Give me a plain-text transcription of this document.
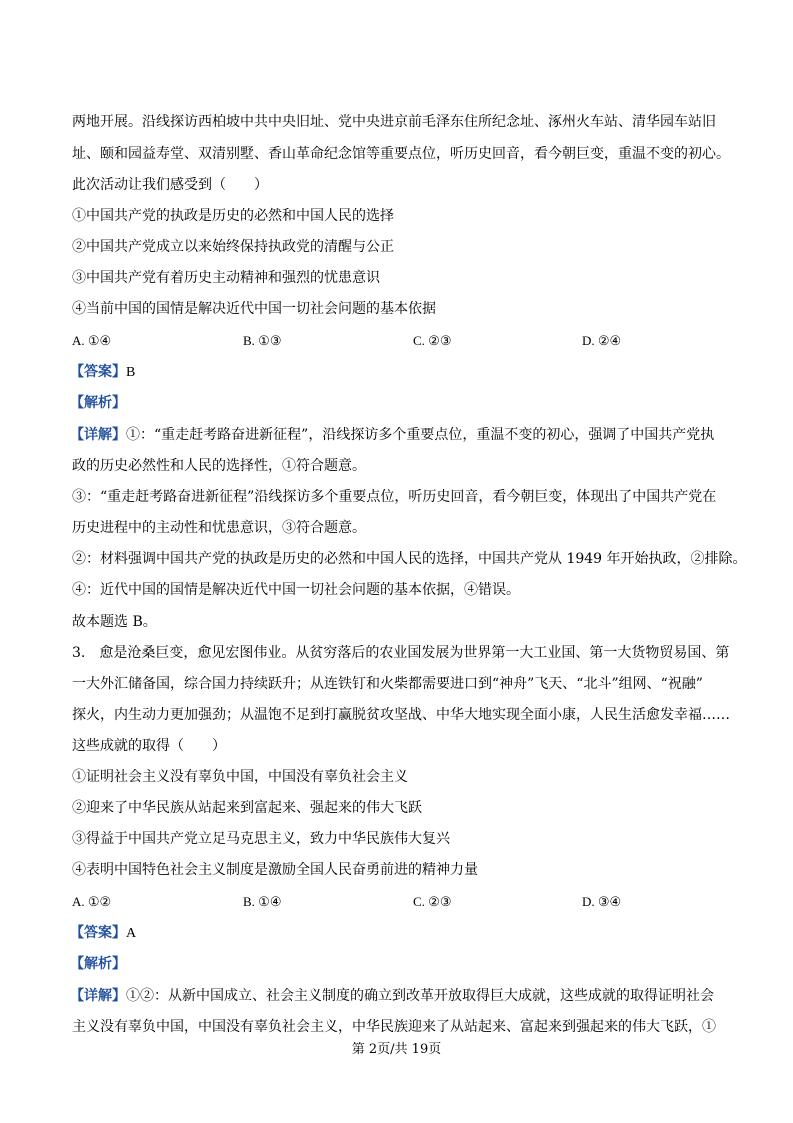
两地开展。沿线探访西柏坡中共中央旧址、党中央进京前毛泽东住所纪念址、涿州火车站、清华园车站旧
址、颐和园益寿堂、双清别墅、香山革命纪念馆等重要点位，听历史回音，看今朝巨变，重温不变的初心。
此次活动让我们感受到（　　）
①中国共产党的执政是历史的必然和中国人民的选择
②中国共产党成立以来始终保持执政党的清醒与公正
③中国共产党有着历史主动精神和强烈的忧患意识
④当前中国的国情是解决近代中国一切社会问题的基本依据
A. ①④	B. ①③	C. ②③	D. ②④
【答案】B
【解析】
【详解】①：“重走赶考路奋进新征程”，沿线探访多个重要点位，重温不变的初心，强调了中国共产党执
政的历史必然性和人民的选择性，①符合题意。
③：“重走赶考路奋进新征程”沿线探访多个重要点位，听历史回音，看今朝巨变，体现出了中国共产党在
历史进程中的主动性和忧患意识，③符合题意。
②：材料强调中国共产党的执政是历史的必然和中国人民的选择，中国共产党从 1949 年开始执政，②排除。
④：近代中国的国情是解决近代中国一切社会问题的基本依据，④错误。
故本题选 B。
3.　愈是沧桑巨变，愈见宏图伟业。从贫穷落后的农业国发展为世界第一大工业国、第一大货物贸易国、第
一大外汇储备国，综合国力持续跃升；从连铁钉和火柴都需要进口到“神舟”飞天、“北斗”组网、“祝融”
探火，内生动力更加强劲；从温饱不足到打赢脱贫攻坚战、中华大地实现全面小康，人民生活愈发幸福……
这些成就的取得（　　）
①证明社会主义没有辜负中国，中国没有辜负社会主义
②迎来了中华民族从站起来到富起来、强起来的伟大飞跃
③得益于中国共产党立足马克思主义，致力中华民族伟大复兴
④表明中国特色社会主义制度是激励全国人民奋勇前进的精神力量
A. ①②	B. ①④	C. ②③	D. ③④
【答案】A
【解析】
【详解】①②：从新中国成立、社会主义制度的确立到改革开放取得巨大成就，这些成就的取得证明社会
主义没有辜负中国，中国没有辜负社会主义，中华民族迎来了从站起来、富起来到强起来的伟大飞跃，①
第 2页/共 19页
